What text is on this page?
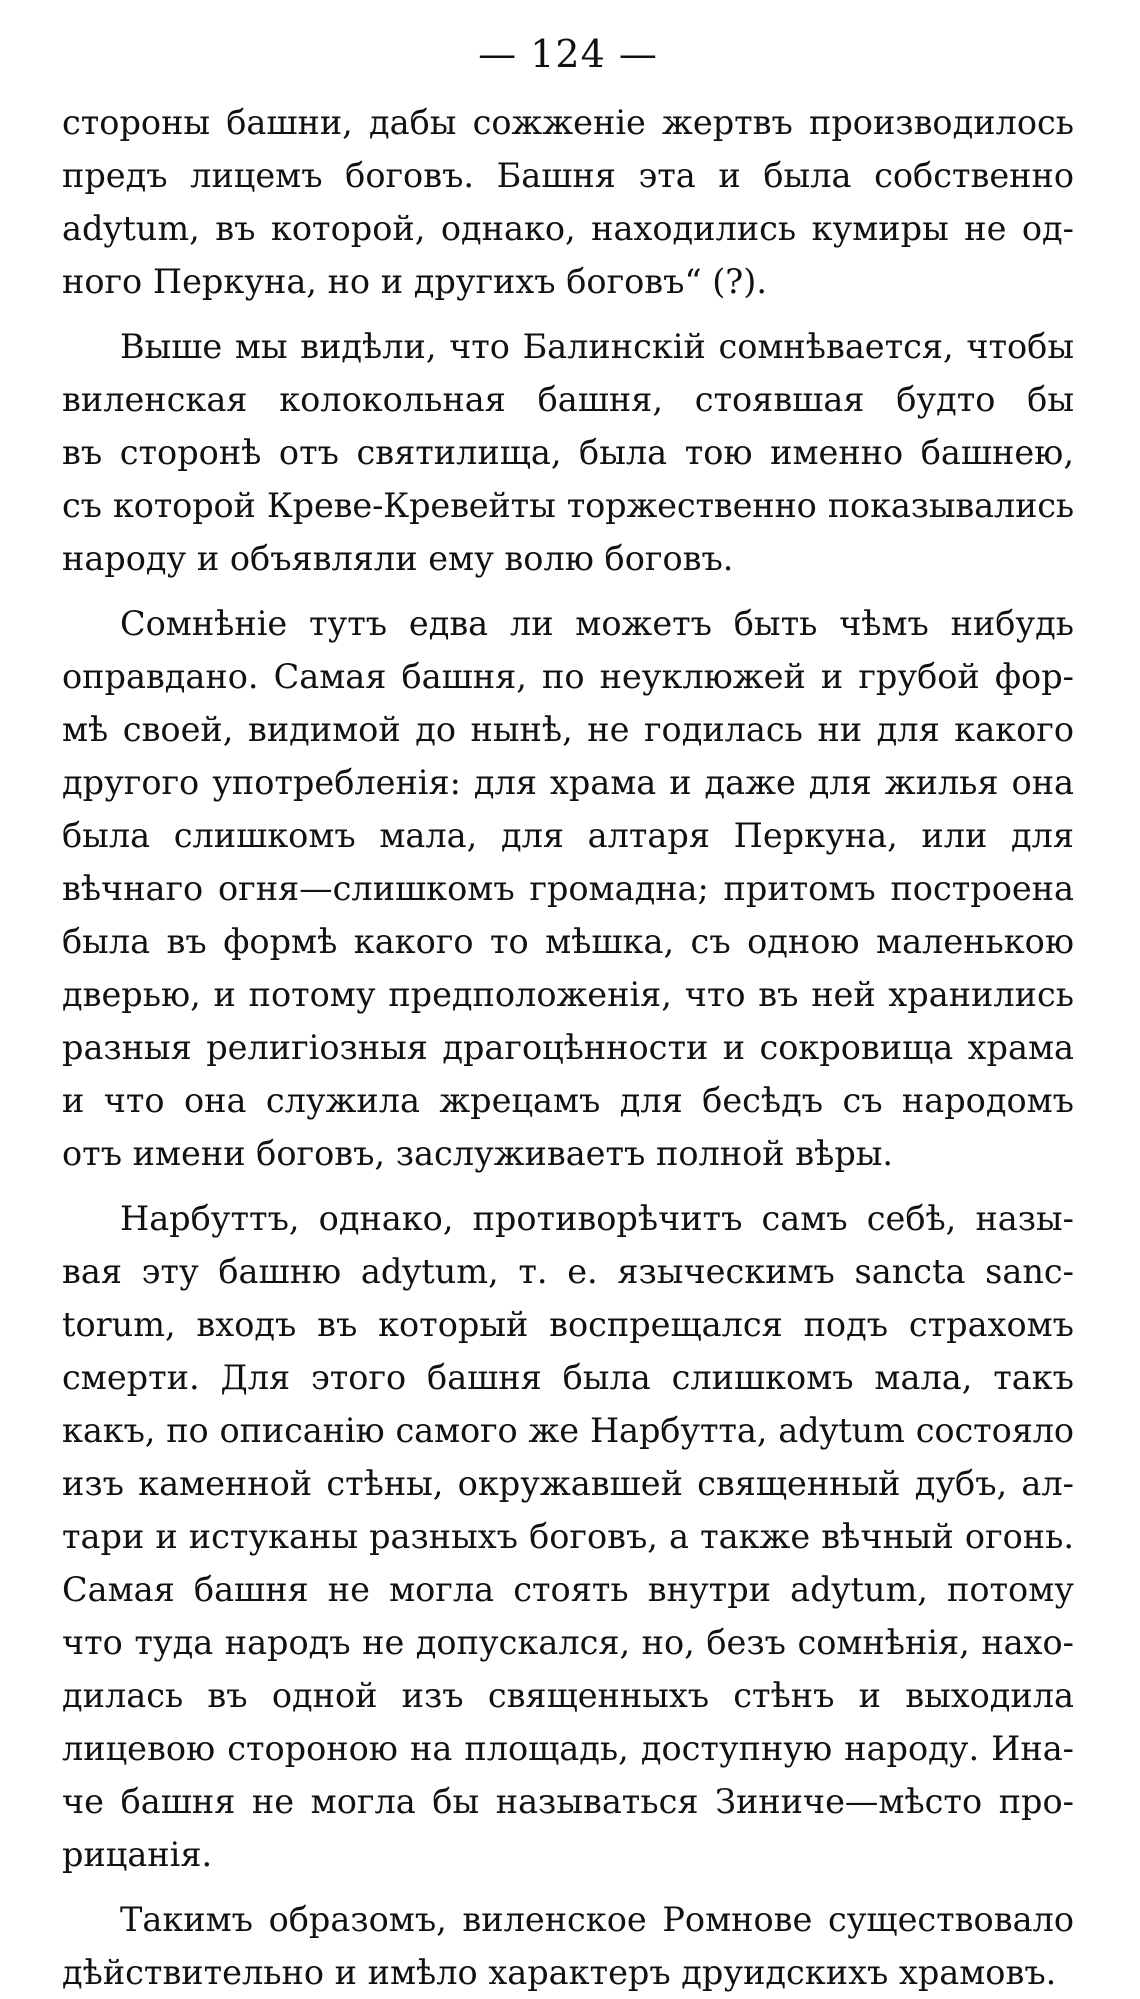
— 124 —
стороны башни, дабы сожженіе жертвъ производилось
предъ лицемъ боговъ. Башня эта и была собственно
adytum, въ которой, однако, находились кумиры не од-
ного Перкуна, но и другихъ боговъ“ (?).
Выше мы видѣли, что Балинскій сомнѣвается, чтобы
виленская колокольная башня, стоявшая будто бы
въ сторонѣ отъ святилища, была тою именно башнею,
съ которой Креве-Кревейты торжественно показывались
народу и объявляли ему волю боговъ.
Сомнѣніе тутъ едва ли можетъ быть чѣмъ нибудь
оправдано. Самая башня, по неуклюжей и грубой фор-
мѣ своей, видимой до нынѣ, не годилась ни для какого
другого употребленія: для храма и даже для жилья она
была слишкомъ мала, для алтаря Перкуна, или для
вѣчнаго огня—слишкомъ громадна; притомъ построена
была въ формѣ какого то мѣшка, съ одною маленькою
дверью, и потому предположенія, что въ ней хранились
разныя религіозныя драгоцѣнности и сокровища храма
и что она служила жрецамъ для бесѣдъ съ народомъ
отъ имени боговъ, заслуживаетъ полной вѣры.
Нарбуттъ, однако, противорѣчитъ самъ себѣ, назы-
вая эту башню adytum, т. е. языческимъ sancta sanc-
torum, входъ въ который воспрещался подъ страхомъ
смерти. Для этого башня была слишкомъ мала, такъ
какъ, по описанію самого же Нарбутта, adytum состояло
изъ каменной стѣны, окружавшей священный дубъ, ал-
тари и истуканы разныхъ боговъ, а также вѣчный огонь.
Самая башня не могла стоять внутри adytum, потому
что туда народъ не допускался, но, безъ сомнѣнія, нахо-
дилась въ одной изъ священныхъ стѣнъ и выходила
лицевою стороною на площадь, доступную народу. Ина-
че башня не могла бы называться Зиниче—мѣсто про-
рицанія.
Такимъ образомъ, виленское Ромнове существовало
дѣйствительно и имѣло характеръ друидскихъ храмовъ.
